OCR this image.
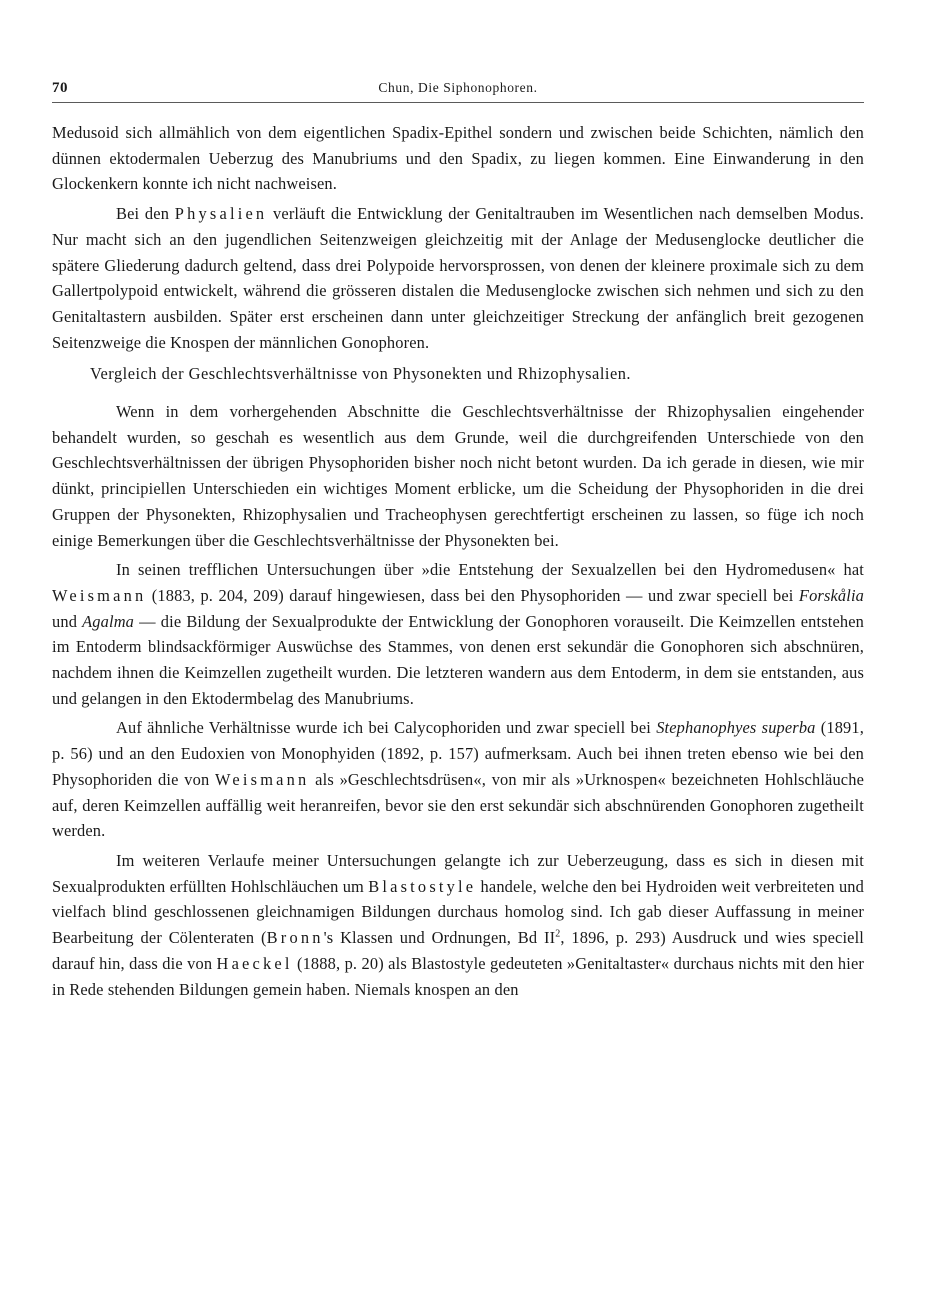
70	Chun, Die Siphonophoren.

Medusoid sich allmählich von dem eigentlichen Spadix-Epithel sondern und zwischen beide Schichten, nämlich den dünnen ektodermalen Ueberzug des Manubriums und den Spadix, zu liegen kommen. Eine Einwanderung in den Glockenkern konnte ich nicht nachweisen.

Bei den Physalien verläuft die Entwicklung der Genitaltrauben im Wesentlichen nach demselben Modus. Nur macht sich an den jugendlichen Seitenzweigen gleichzeitig mit der Anlage der Medusenglocke deutlicher die spätere Gliederung dadurch geltend, dass drei Polypoide hervorsprossen, von denen der kleinere proximale sich zu dem Gallertpolypoid entwickelt, während die grösseren distalen die Medusenglocke zwischen sich nehmen und sich zu den Genitaltastern ausbilden. Später erst erscheinen dann unter gleichzeitiger Streckung der anfänglich breit gezogenen Seitenzweige die Knospen der männlichen Gonophoren.

Vergleich der Geschlechtsverhältnisse von Physonekten und Rhizophysalien.

Wenn in dem vorhergehenden Abschnitte die Geschlechtsverhältnisse der Rhizophysalien eingehender behandelt wurden, so geschah es wesentlich aus dem Grunde, weil die durchgreifenden Unterschiede von den Geschlechtsverhältnissen der übrigen Physophoriden bisher noch nicht betont wurden. Da ich gerade in diesen, wie mir dünkt, principiellen Unterschieden ein wichtiges Moment erblicke, um die Scheidung der Physophoriden in die drei Gruppen der Physonekten, Rhizophysalien und Tracheophysen gerechtfertigt erscheinen zu lassen, so füge ich noch einige Bemerkungen über die Geschlechtsverhältnisse der Physonekten bei.

In seinen trefflichen Untersuchungen über »die Entstehung der Sexualzellen bei den Hydromedusen« hat Weismann (1883, p. 204, 209) darauf hingewiesen, dass bei den Physophoriden — und zwar speciell bei Forskålia und Agalma — die Bildung der Sexualprodukte der Entwicklung der Gonophoren vorauseilt. Die Keimzellen entstehen im Entoderm blindsackförmiger Auswüchse des Stammes, von denen erst sekundär die Gonophoren sich abschnüren, nachdem ihnen die Keimzellen zugetheilt wurden. Die letzteren wandern aus dem Entoderm, in dem sie entstanden, aus und gelangen in den Ektodermbelag des Manubriums.

Auf ähnliche Verhältnisse wurde ich bei Calycophoriden und zwar speciell bei Stephanophyes superba (1891, p. 56) und an den Eudoxien von Monophyiden (1892, p. 157) aufmerksam. Auch bei ihnen treten ebenso wie bei den Physophoriden die von Weismann als »Geschlechtsdrüsen«, von mir als »Urknospen« bezeichneten Hohlschläuche auf, deren Keimzellen auffällig weit heranreifen, bevor sie den erst sekundär sich abschnürenden Gonophoren zugetheilt werden.

Im weiteren Verlaufe meiner Untersuchungen gelangte ich zur Ueberzeugung, dass es sich in diesen mit Sexualprodukten erfüllten Hohlschläuchen um Blastostyle handele, welche den bei Hydroiden weit verbreiteten und vielfach blind geschlossenen gleichnamigen Bildungen durchaus homolog sind. Ich gab dieser Auffassung in meiner Bearbeitung der Cölenteraten (Bronn's Klassen und Ordnungen, Bd $II^2$, 1896, p. 293) Ausdruck und wies speciell darauf hin, dass die von Haeckel (1888, p. 20) als Blastostyle gedeuteten »Genitaltaster« durchaus nichts mit den hier in Rede stehenden Bildungen gemein haben. Niemals knospen an den
